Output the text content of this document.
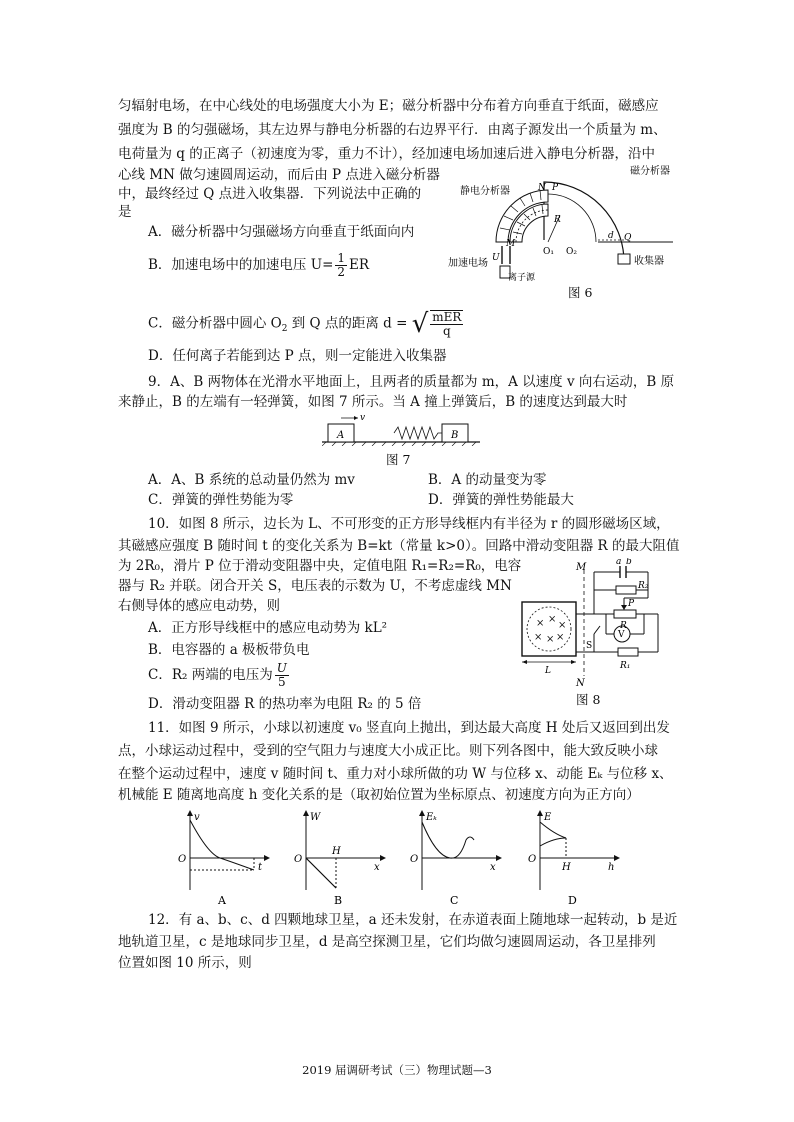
匀辐射电场，在中心线处的电场强度大小为 E；磁分析器中分布着方向垂直于纸面，磁感应
强度为 B 的匀强磁场，其左边界与静电分析器的右边界平行．由离子源发出一个质量为 m、
电荷量为 q 的正离子（初速度为零，重力不计），经加速电场加速后进入静电分析器，沿中
心线 MN 做匀速圆周运动，而后由 P 点进入磁分析器
中，最终经过 Q 点进入收集器．下列说法中正确的
是
A．磁分析器中匀强磁场方向垂直于纸面向内
B．加速电场中的加速电压 $U= \frac{1}{2}$ ER
C．磁分析器中圆心 $O_2$ 到 Q 点的距离 d = √ $\frac{\text{mER}}{q}$
D．任何离子若能到达 P 点，则一定能进入收集器
静电分析器
磁分析器
加速电场
离子源
收集器
N P
M
Q
R
d
U
O₁ O₂
图 6
9．A、B 两物体在光滑水平地面上，且两者的质量都为 m，A 以速度 v 向右运动，B 原
来静止，B 的左端有一轻弹簧，如图 7 所示。当 A 撞上弹簧后，B 的速度达到最大时
A	B
v
图 7
A．A、B 系统的总动量仍然为 mv	B．A 的动量变为零
C．弹簧的弹性势能为零	D．弹簧的弹性势能最大
10．如图 8 所示，边长为 L、不可形变的正方形导线框内有半径为 r 的圆形磁场区域，
其磁感应强度 B 随时间 t 的变化关系为 B=kt（常量 k>0）。回路中滑动变阻器 R 的最大阻值
为 2R₀，滑片 P 位于滑动变阻器中央，定值电阻 R₁=R₂=R₀，电容
器与 R₂ 并联。闭合开关 S，电压表的示数为 U，不考虑虚线 MN
右侧导体的感应电动势，则
A．正方形导线框中的感应电动势为 kL²
B．电容器的 a 极板带负电
C．R₂ 两端的电压为 $\frac{U}{5}$
D．滑动变阻器 R 的热功率为电阻 R₂ 的 5 倍
× ×
×
× × ×
M
N
a b
R₂
P
R
V
R₁
S
L
图 8
11．如图 9 所示，小球以初速度 v₀ 竖直向上抛出，到达最大高度 H 处后又返回到出发
点，小球运动过程中，受到的空气阻力与速度大小成正比。则下列各图中，能大致反映小球
在整个运动过程中，速度 v 随时间 t、重力对小球所做的功 W 与位移 x、动能 Eₖ 与位移 x、
机械能 E 随离地高度 h 变化关系的是（取初始位置为坐标原点、初速度方向为正方向）
v
t
O
A
W
x
O
H
B
Eₖ
x
O
C
E
h
O
H
D
12．有 a、b、c、d 四颗地球卫星，a 还未发射，在赤道表面上随地球一起转动，b 是近
地轨道卫星，c 是地球同步卫星，d 是高空探测卫星，它们均做匀速圆周运动，各卫星排列
位置如图 10 所示，则
2019 届调研考试（三）物理试题—3
